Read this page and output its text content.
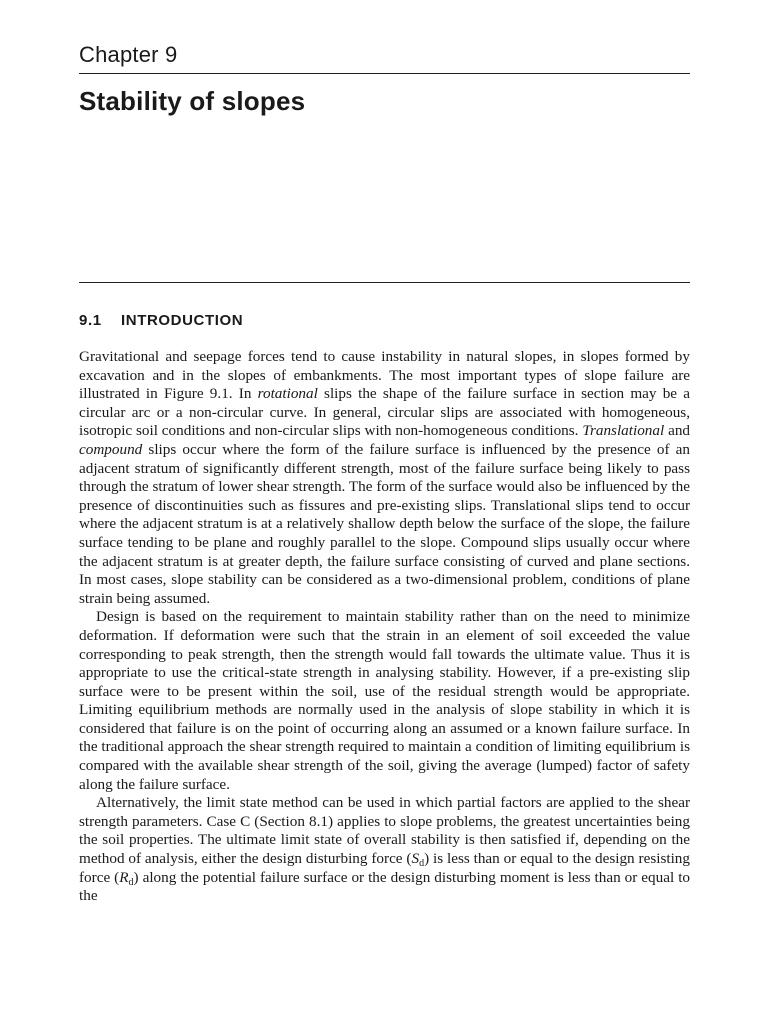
Chapter 9
Stability of slopes
9.1 INTRODUCTION

Gravitational and seepage forces tend to cause instability in natural slopes, in slopes formed by excavation and in the slopes of embankments. The most important types of slope failure are illustrated in Figure 9.1. In rotational slips the shape of the failure surface in section may be a circular arc or a non-circular curve. In general, circular slips are associated with homogeneous, isotropic soil conditions and non-circular slips with non-homogeneous conditions. Translational and compound slips occur where the form of the failure surface is influenced by the presence of an adjacent stratum of significantly different strength, most of the failure surface being likely to pass through the stratum of lower shear strength. The form of the surface would also be influenced by the presence of discontinuities such as fissures and pre-existing slips. Translational slips tend to occur where the adjacent stratum is at a relatively shallow depth below the surface of the slope, the failure surface tending to be plane and roughly parallel to the slope. Compound slips usually occur where the adjacent stratum is at greater depth, the failure surface consisting of curved and plane sections. In most cases, slope stability can be considered as a two-dimensional problem, conditions of plane strain being assumed.

Design is based on the requirement to maintain stability rather than on the need to minimize deformation. If deformation were such that the strain in an element of soil exceeded the value corresponding to peak strength, then the strength would fall towards the ultimate value. Thus it is appropriate to use the critical-state strength in analysing stability. However, if a pre-existing slip surface were to be present within the soil, use of the residual strength would be appropriate. Limiting equilibrium methods are normally used in the analysis of slope stability in which it is considered that failure is on the point of occurring along an assumed or a known failure surface. In the traditional approach the shear strength required to maintain a condition of limiting equilibrium is compared with the available shear strength of the soil, giving the average (lumped) factor of safety along the failure surface.

Alternatively, the limit state method can be used in which partial factors are applied to the shear strength parameters. Case C (Section 8.1) applies to slope problems, the greatest uncertainties being the soil properties. The ultimate limit state of overall stability is then satisfied if, depending on the method of analysis, either the design disturbing force $(S_d)$ is less than or equal to the design resisting force $(R_d)$ along the potential failure surface or the design disturbing moment is less than or equal to the
